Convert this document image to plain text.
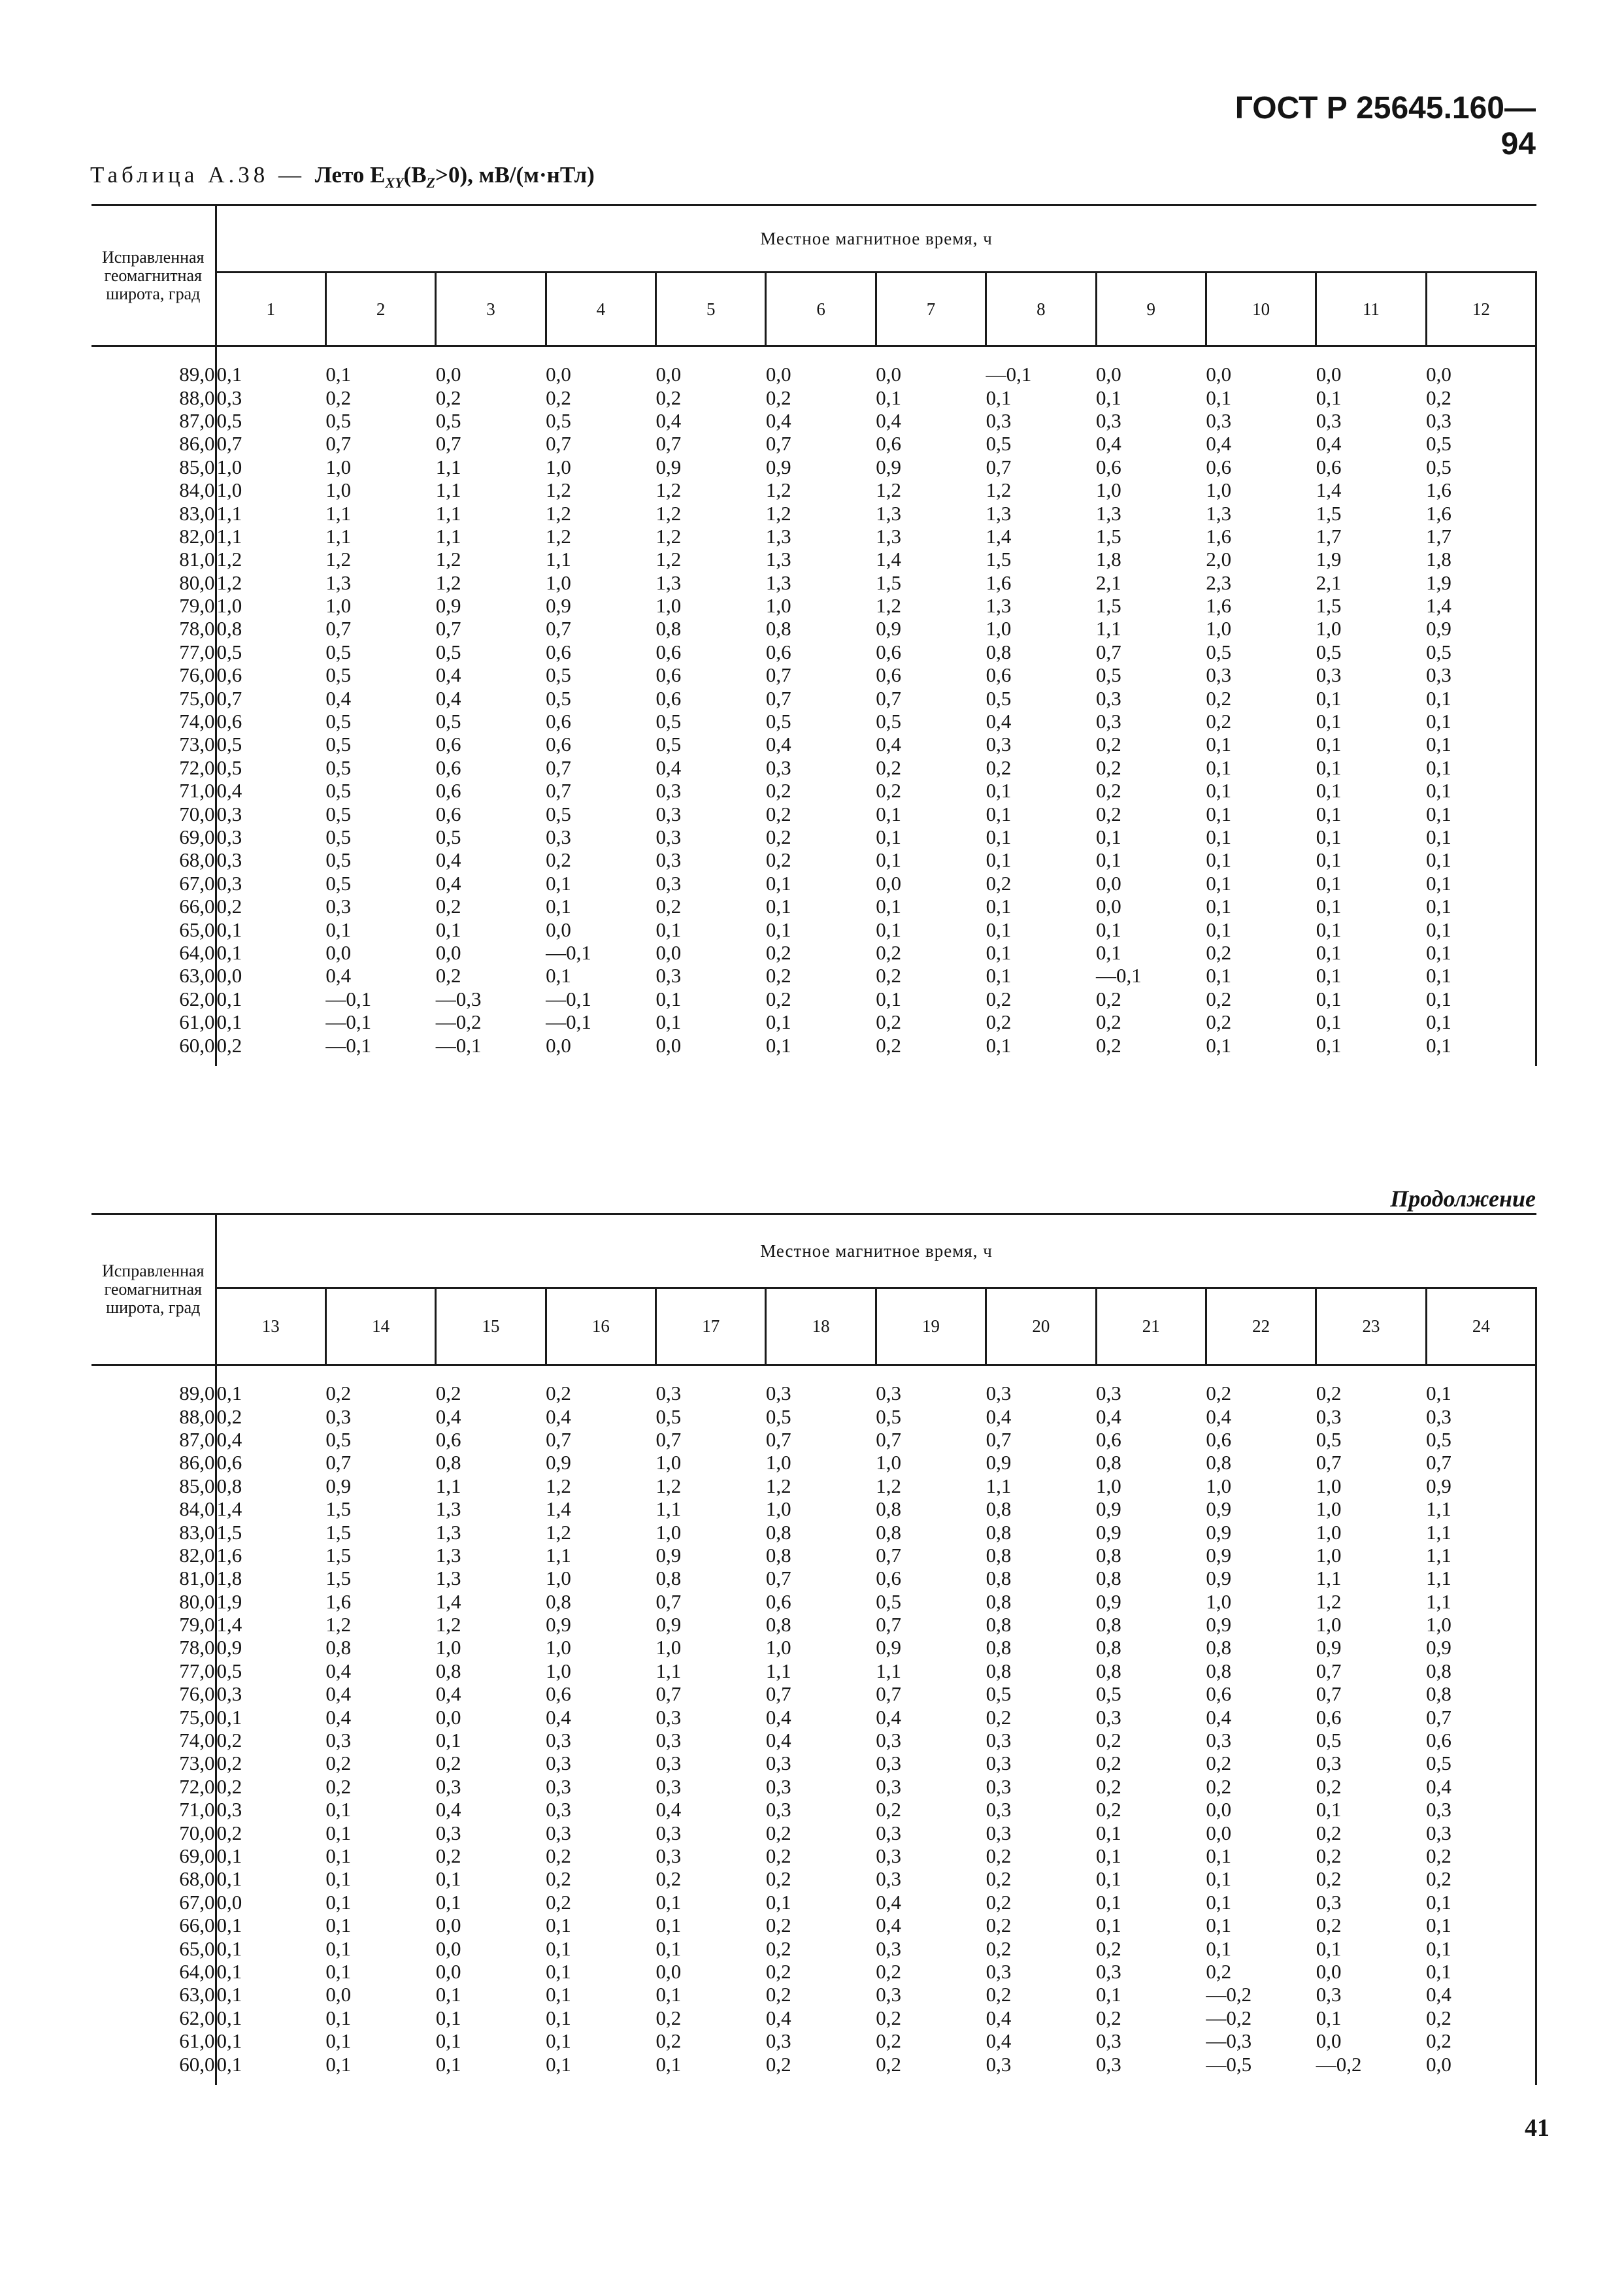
ГОСТ Р 25645.160—94
Таблица А.38 — Лето $E_{XY}(B_Z>0)$, мВ/(м·нТл)
Исправленная геомагнитная широта, град	Местное магнитное время, ч											
	1	2	3	4	5	6	7	8	9	10	11	12

89,0	0,1	0,1	0,0	0,0	0,0	0,0	0,0	—0,1	0,0	0,0	0,0	0,0
88,0	0,3	0,2	0,2	0,2	0,2	0,2	0,1	0,1	0,1	0,1	0,1	0,2
87,0	0,5	0,5	0,5	0,5	0,4	0,4	0,4	0,3	0,3	0,3	0,3	0,3
86,0	0,7	0,7	0,7	0,7	0,7	0,7	0,6	0,5	0,4	0,4	0,4	0,5
85,0	1,0	1,0	1,1	1,0	0,9	0,9	0,9	0,7	0,6	0,6	0,6	0,5
84,0	1,0	1,0	1,1	1,2	1,2	1,2	1,2	1,2	1,0	1,0	1,4	1,6
83,0	1,1	1,1	1,1	1,2	1,2	1,2	1,3	1,3	1,3	1,3	1,5	1,6
82,0	1,1	1,1	1,1	1,2	1,2	1,3	1,3	1,4	1,5	1,6	1,7	1,7
81,0	1,2	1,2	1,2	1,1	1,2	1,3	1,4	1,5	1,8	2,0	1,9	1,8
80,0	1,2	1,3	1,2	1,0	1,3	1,3	1,5	1,6	2,1	2,3	2,1	1,9
79,0	1,0	1,0	0,9	0,9	1,0	1,0	1,2	1,3	1,5	1,6	1,5	1,4
78,0	0,8	0,7	0,7	0,7	0,8	0,8	0,9	1,0	1,1	1,0	1,0	0,9
77,0	0,5	0,5	0,5	0,6	0,6	0,6	0,6	0,8	0,7	0,5	0,5	0,5
76,0	0,6	0,5	0,4	0,5	0,6	0,7	0,6	0,6	0,5	0,3	0,3	0,3
75,0	0,7	0,4	0,4	0,5	0,6	0,7	0,7	0,5	0,3	0,2	0,1	0,1
74,0	0,6	0,5	0,5	0,6	0,5	0,5	0,5	0,4	0,3	0,2	0,1	0,1
73,0	0,5	0,5	0,6	0,6	0,5	0,4	0,4	0,3	0,2	0,1	0,1	0,1
72,0	0,5	0,5	0,6	0,7	0,4	0,3	0,2	0,2	0,2	0,1	0,1	0,1
71,0	0,4	0,5	0,6	0,7	0,3	0,2	0,2	0,1	0,2	0,1	0,1	0,1
70,0	0,3	0,5	0,6	0,5	0,3	0,2	0,1	0,1	0,2	0,1	0,1	0,1
69,0	0,3	0,5	0,5	0,3	0,3	0,2	0,1	0,1	0,1	0,1	0,1	0,1
68,0	0,3	0,5	0,4	0,2	0,3	0,2	0,1	0,1	0,1	0,1	0,1	0,1
67,0	0,3	0,5	0,4	0,1	0,3	0,1	0,0	0,2	0,0	0,1	0,1	0,1
66,0	0,2	0,3	0,2	0,1	0,2	0,1	0,1	0,1	0,0	0,1	0,1	0,1
65,0	0,1	0,1	0,1	0,0	0,1	0,1	0,1	0,1	0,1	0,1	0,1	0,1
64,0	0,1	0,0	0,0	—0,1	0,0	0,2	0,2	0,1	0,1	0,2	0,1	0,1
63,0	0,0	0,4	0,2	0,1	0,3	0,2	0,2	0,1	—0,1	0,1	0,1	0,1
62,0	0,1	—0,1	—0,3	—0,1	0,1	0,2	0,1	0,2	0,2	0,2	0,1	0,1
61,0	0,1	—0,1	—0,2	—0,1	0,1	0,1	0,2	0,2	0,2	0,2	0,1	0,1
60,0	0,2	—0,1	—0,1	0,0	0,0	0,1	0,2	0,1	0,2	0,1	0,1	0,1

Продолжение
Исправленная геомагнитная широта, град	Местное магнитное время, ч											
	13	14	15	16	17	18	19	20	21	22	23	24

89,0	0,1	0,2	0,2	0,2	0,3	0,3	0,3	0,3	0,3	0,2	0,2	0,1
88,0	0,2	0,3	0,4	0,4	0,5	0,5	0,5	0,4	0,4	0,4	0,3	0,3
87,0	0,4	0,5	0,6	0,7	0,7	0,7	0,7	0,7	0,6	0,6	0,5	0,5
86,0	0,6	0,7	0,8	0,9	1,0	1,0	1,0	0,9	0,8	0,8	0,7	0,7
85,0	0,8	0,9	1,1	1,2	1,2	1,2	1,2	1,1	1,0	1,0	1,0	0,9
84,0	1,4	1,5	1,3	1,4	1,1	1,0	0,8	0,8	0,9	0,9	1,0	1,1
83,0	1,5	1,5	1,3	1,2	1,0	0,8	0,8	0,8	0,9	0,9	1,0	1,1
82,0	1,6	1,5	1,3	1,1	0,9	0,8	0,7	0,8	0,8	0,9	1,0	1,1
81,0	1,8	1,5	1,3	1,0	0,8	0,7	0,6	0,8	0,8	0,9	1,1	1,1
80,0	1,9	1,6	1,4	0,8	0,7	0,6	0,5	0,8	0,9	1,0	1,2	1,1
79,0	1,4	1,2	1,2	0,9	0,9	0,8	0,7	0,8	0,8	0,9	1,0	1,0
78,0	0,9	0,8	1,0	1,0	1,0	1,0	0,9	0,8	0,8	0,8	0,9	0,9
77,0	0,5	0,4	0,8	1,0	1,1	1,1	1,1	0,8	0,8	0,8	0,7	0,8
76,0	0,3	0,4	0,4	0,6	0,7	0,7	0,7	0,5	0,5	0,6	0,7	0,8
75,0	0,1	0,4	0,0	0,4	0,3	0,4	0,4	0,2	0,3	0,4	0,6	0,7
74,0	0,2	0,3	0,1	0,3	0,3	0,4	0,3	0,3	0,2	0,3	0,5	0,6
73,0	0,2	0,2	0,2	0,3	0,3	0,3	0,3	0,3	0,2	0,2	0,3	0,5
72,0	0,2	0,2	0,3	0,3	0,3	0,3	0,3	0,3	0,2	0,2	0,2	0,4
71,0	0,3	0,1	0,4	0,3	0,4	0,3	0,2	0,3	0,2	0,0	0,1	0,3
70,0	0,2	0,1	0,3	0,3	0,3	0,2	0,3	0,3	0,1	0,0	0,2	0,3
69,0	0,1	0,1	0,2	0,2	0,3	0,2	0,3	0,2	0,1	0,1	0,2	0,2
68,0	0,1	0,1	0,1	0,2	0,2	0,2	0,3	0,2	0,1	0,1	0,2	0,2
67,0	0,0	0,1	0,1	0,2	0,1	0,1	0,4	0,2	0,1	0,1	0,3	0,1
66,0	0,1	0,1	0,0	0,1	0,1	0,2	0,4	0,2	0,1	0,1	0,2	0,1
65,0	0,1	0,1	0,0	0,1	0,1	0,2	0,3	0,2	0,2	0,1	0,1	0,1
64,0	0,1	0,1	0,0	0,1	0,0	0,2	0,2	0,3	0,3	0,2	0,0	0,1
63,0	0,1	0,0	0,1	0,1	0,1	0,2	0,3	0,2	0,1	—0,2	0,3	0,4
62,0	0,1	0,1	0,1	0,1	0,2	0,4	0,2	0,4	0,2	—0,2	0,1	0,2
61,0	0,1	0,1	0,1	0,1	0,2	0,3	0,2	0,4	0,3	—0,3	0,0	0,2
60,0	0,1	0,1	0,1	0,1	0,1	0,2	0,2	0,3	0,3	—0,5	—0,2	0,0

41
